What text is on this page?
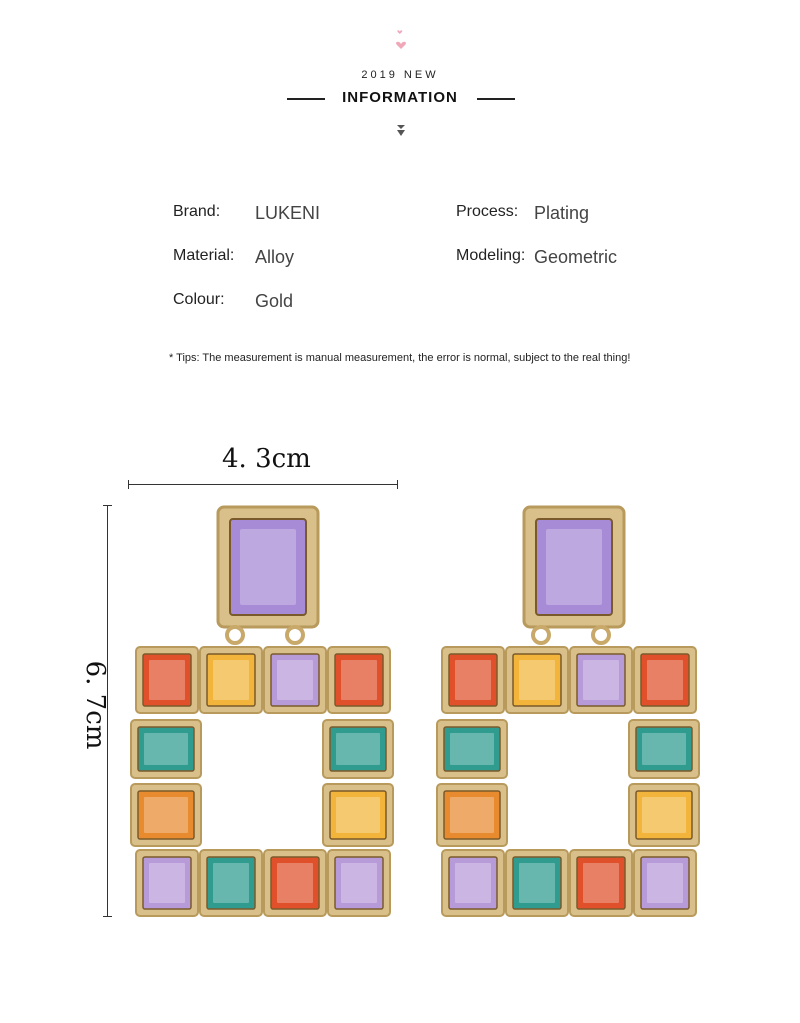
2019 NEW
INFORMATION
Brand: LUKENI
Material: Alloy
Colour: Gold
Process: Plating
Modeling: Geometric
* Tips: The measurement is manual measurement, the error is normal, subject to the real thing!
4. 3cm
6. 7cm
